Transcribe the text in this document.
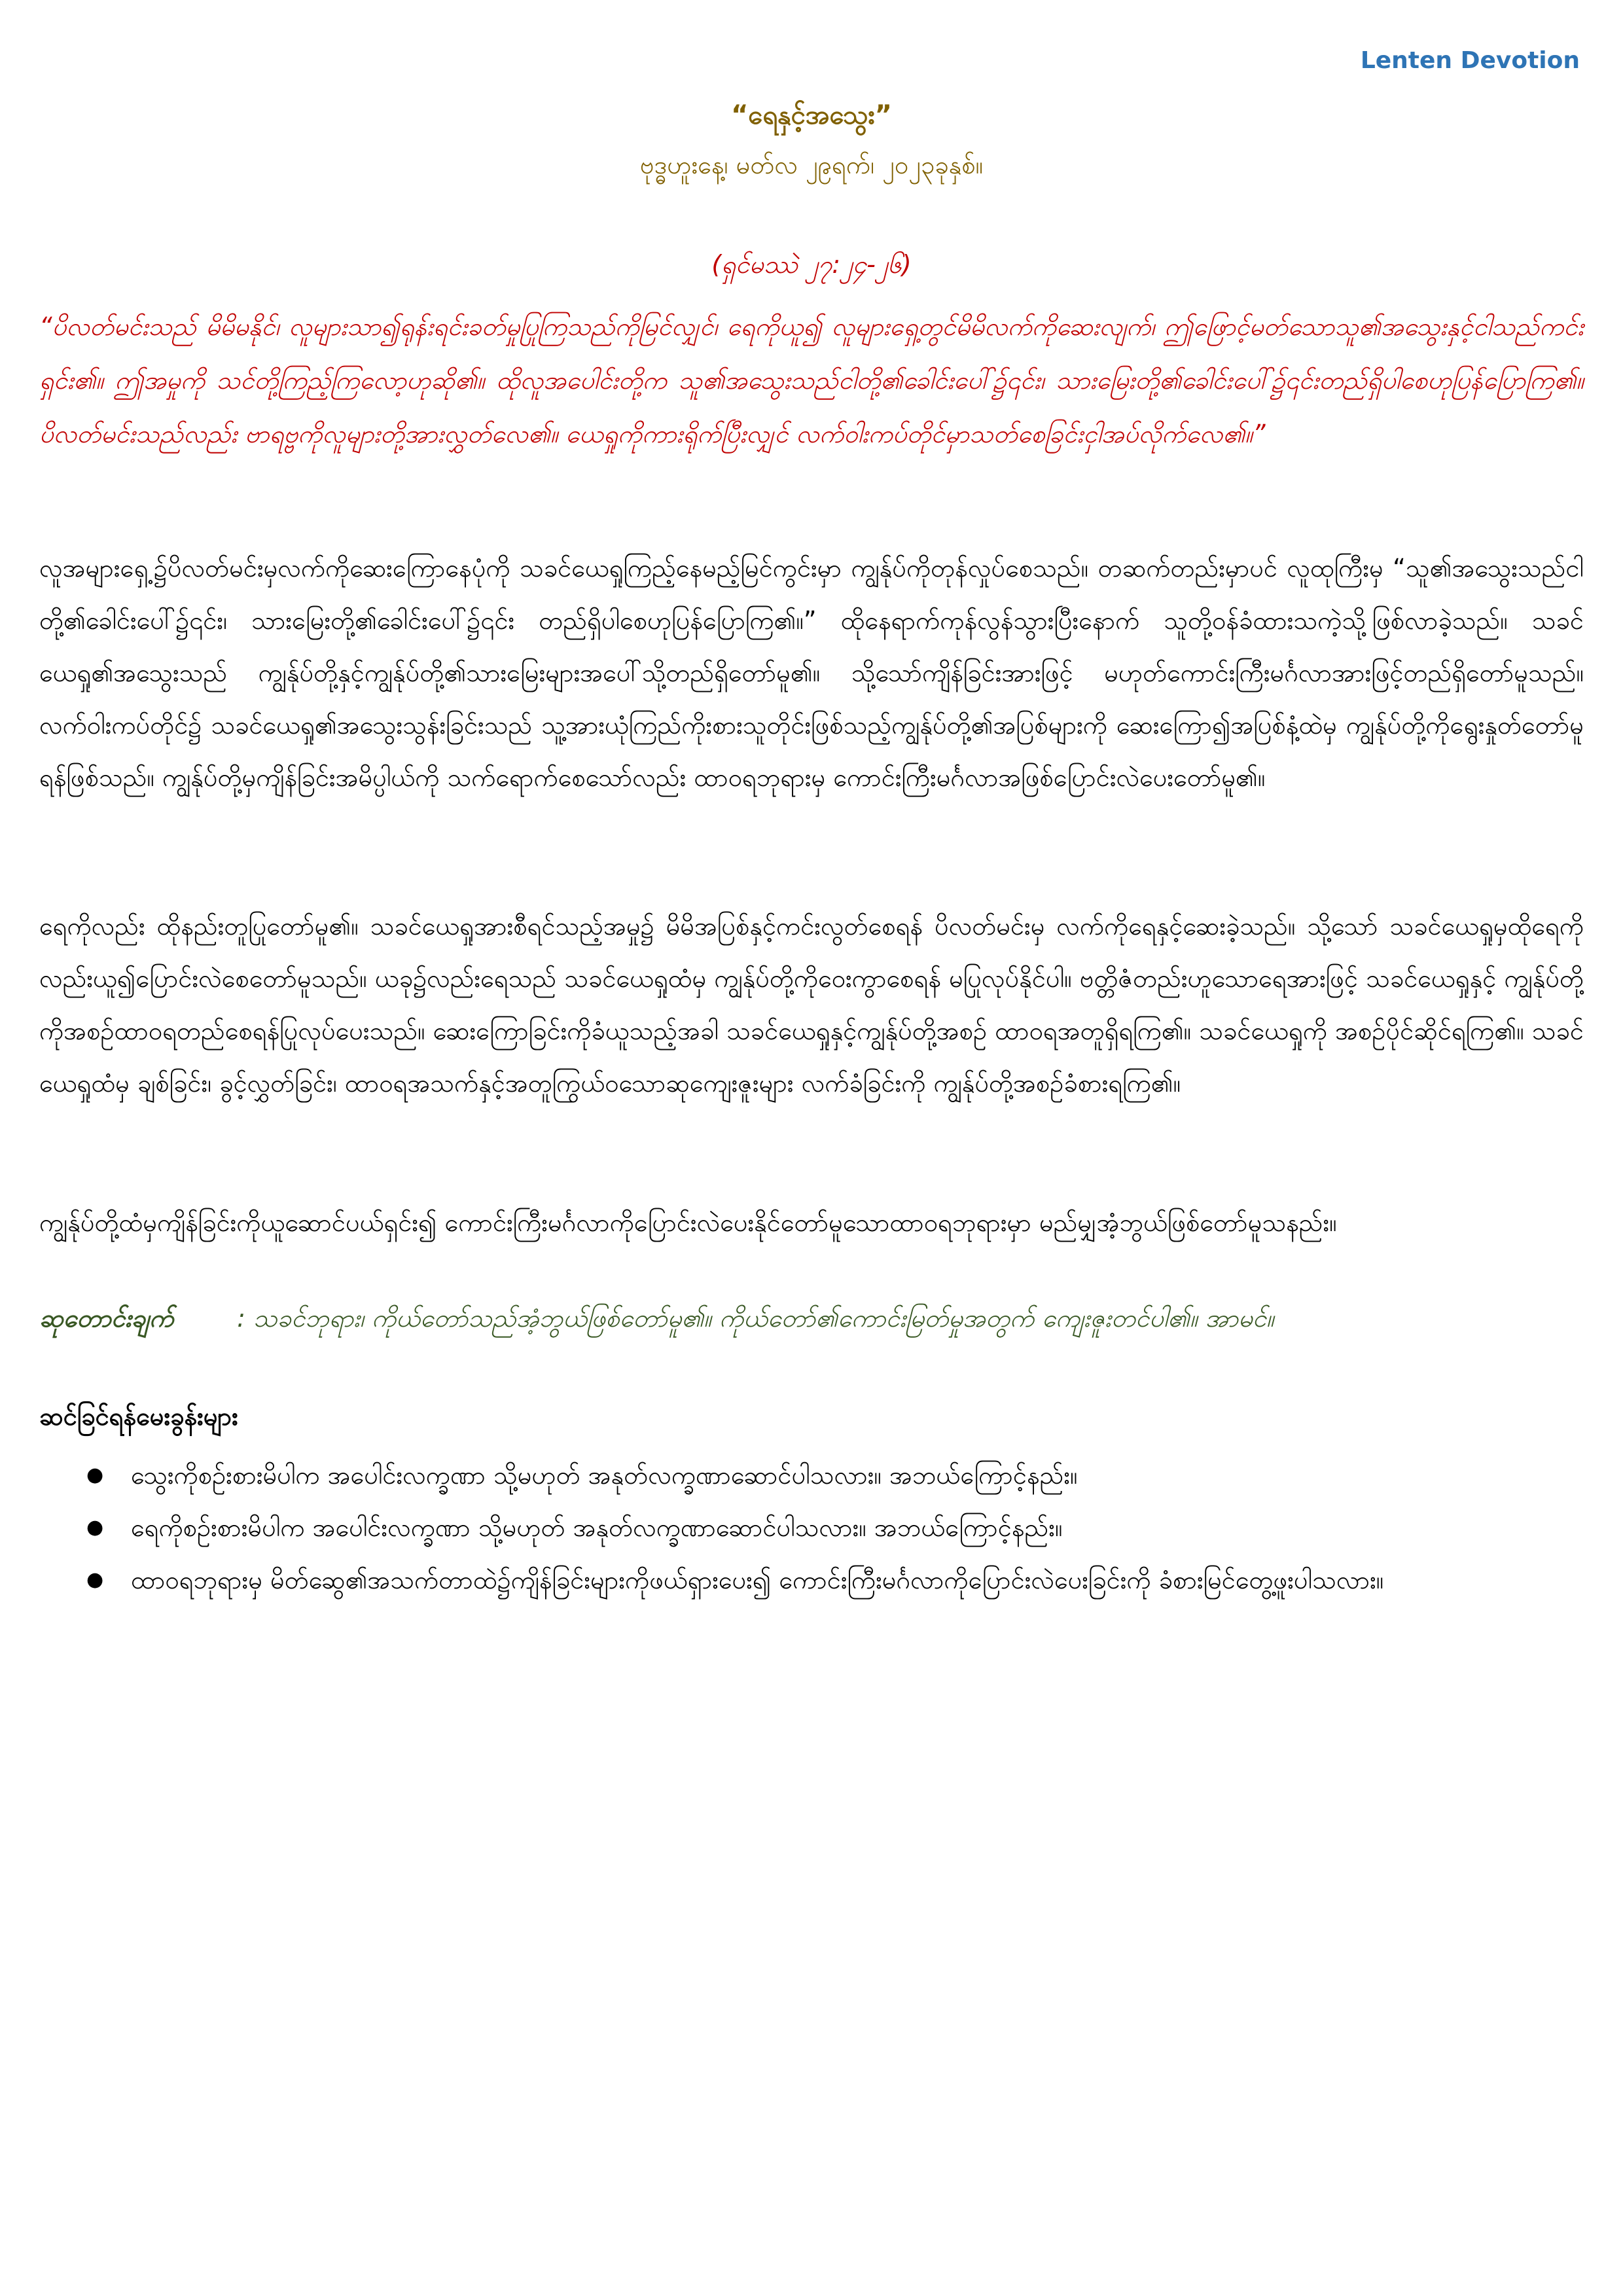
Lenten Devotion
“ရေနှင့်အသွေး”
ဗုဒ္ဓဟူးနေ့၊ မတ်လ ၂၉ရက်၊ ၂၀၂၃ခုနှစ်။
(ရှင်မဿဲ ၂၇:၂၄-၂၆)
“ပိလတ်မင်းသည် မိမိမနိုင်၊ လူများသာ၍ရုန်းရင်းခတ်မှုပြုကြသည်ကိုမြင်လျှင်၊ ရေကိုယူ၍ လူများရှေ့တွင်မိမိလက်ကိုဆေးလျက်၊ ဤဖြောင့်မတ်သောသူ၏အသွေးနှင့်ငါသည်ကင်းရှင်း၏။ ဤအမှုကို သင်တို့ကြည့်ကြလော့ဟုဆို၏။ ထိုလူအပေါင်းတို့က သူ၏အသွေးသည်ငါတို့၏ခေါင်းပေါ်၌၎င်း၊ သားမြေးတို့၏ခေါင်းပေါ်၌၎င်းတည်ရှိပါစေဟုပြန်ပြောကြ၏။ ပိလတ်မင်းသည်လည်း ဗာရဗ္ဗကိုလူများတို့အားလွှတ်လေ၏။ ယေရှုကိုကားရိုက်ပြီးလျှင် လက်ဝါးကပ်တိုင်မှာသတ်စေခြင်းငှါအပ်လိုက်လေ၏။”
လူအများရှေ့၌ပိလတ်မင်းမှလက်ကိုဆေးကြောနေပုံကို သခင်ယေရှုကြည့်နေမည့်မြင်ကွင်းမှာ ကျွန်ုပ်ကိုတုန်လှုပ်စေသည်။ တဆက်တည်းမှာပင် လူထုကြီးမှ “သူ၏အသွေးသည်ငါတို့၏ခေါင်းပေါ်၌၎င်း၊ သားမြေးတို့၏ခေါင်းပေါ်၌၎င်း တည်ရှိပါစေဟုပြန်ပြောကြ၏။” ထိုနေရာက်ကုန်လွန်သွားပြီးနောက် သူတို့ဝန်ခံထားသကဲ့သို့ဖြစ်လာခဲ့သည်။ သခင်ယေရှု၏အသွေးသည် ကျွန်ုပ်တို့နှင့်ကျွန်ုပ်တို့၏သားမြေးများအပေါ်သို့တည်ရှိတော်မူ၏။ သို့သော်ကျိန်ခြင်းအားဖြင့် မဟုတ်ကောင်းကြီးမင်္ဂလာအားဖြင့်တည်ရှိတော်မူသည်။ လက်ဝါးကပ်တိုင်၌ သခင်ယေရှု၏အသွေးသွန်းခြင်းသည် သူ့အားယုံကြည်ကိုးစားသူတိုင်းဖြစ်သည့်ကျွန်ုပ်တို့၏အပြစ်များကို ဆေးကြော၍အပြစ်နံ့ထဲမှ ကျွန်ုပ်တို့ကိုရွေးနှုတ်တော်မူရန်ဖြစ်သည်။ ကျွန်ုပ်တို့မှကျိန်ခြင်းအမိပ္ပါယ်ကို သက်ရောက်စေသော်လည်း ထာဝရဘုရားမှ ကောင်းကြီးမင်္ဂလာအဖြစ်ပြောင်းလဲပေးတော်မူ၏။
ရေကိုလည်း ထိုနည်းတူပြုတော်မူ၏။ သခင်ယေရှုအားစီရင်သည့်အမှု၌ မိမိအပြစ်နှင့်ကင်းလွတ်စေရန် ပိလတ်မင်းမှ လက်ကိုရေနှင့်ဆေးခဲ့သည်။ သို့သော် သခင်ယေရှုမှထိုရေကိုလည်းယူ၍ပြောင်းလဲစေတော်မူသည်။ ယခု၌လည်းရေသည် သခင်ယေရှုထံမှ ကျွန်ုပ်တို့ကိုဝေးကွာစေရန် မပြုလုပ်နိုင်ပါ။ ဗတ္တိဇံတည်းဟူသောရေအားဖြင့် သခင်ယေရှုနှင့် ကျွန်ုပ်တို့ကိုအစဉ်ထာဝရတည်စေရန်ပြုလုပ်ပေးသည်။ ဆေးကြောခြင်းကိုခံယူသည့်အခါ သခင်ယေရှုနှင့်ကျွန်ုပ်တို့အစဉ် ထာဝရအတူရှိရကြ၏။ သခင်ယေရှုကို အစဉ်ပိုင်ဆိုင်ရကြ၏။ သခင်ယေရှုထံမှ ချစ်ခြင်း၊ ခွင့်လွှတ်ခြင်း၊ ထာဝရအသက်နှင့်အတူကြွယ်ဝသောဆုကျေးဇူးများ လက်ခံခြင်းကို ကျွန်ုပ်တို့အစဉ်ခံစားရကြ၏။
ကျွန်ုပ်တို့ထံမှကျိန်ခြင်းကိုယူဆောင်ပယ်ရှင်း၍ ကောင်းကြီးမင်္ဂလာကိုပြောင်းလဲပေးနိုင်တော်မူသောထာဝရဘုရားမှာ မည်မျှအံ့ဘွယ်ဖြစ်တော်မူသနည်း။
ဆုတောင်းချက်	: သခင်ဘုရား၊ ကိုယ်တော်သည်အံ့ဘွယ်ဖြစ်တော်မူ၏။ ကိုယ်တော်၏ကောင်းမြတ်မှုအတွက် ကျေးဇူးတင်ပါ၏။ အာမင်။
ဆင်ခြင်ရန်မေးခွန်းများ
● သွေးကိုစဉ်းစားမိပါက အပေါင်းလက္ခဏာ သို့မဟုတ် အနုတ်လက္ခဏာဆောင်ပါသလား။ အဘယ်ကြောင့်နည်း။
● ရေကိုစဉ်းစားမိပါက အပေါင်းလက္ခဏာ သို့မဟုတ် အနုတ်လက္ခဏာဆောင်ပါသလား။ အဘယ်ကြောင့်နည်း။
● ထာဝရဘုရားမှ မိတ်ဆွေ၏အသက်တာထဲ၌ကျိန်ခြင်းများကိုဖယ်ရှားပေး၍ ကောင်းကြီးမင်္ဂလာကိုပြောင်းလဲပေးခြင်းကို ခံစားမြင်တွေ့ဖူးပါသလား။
